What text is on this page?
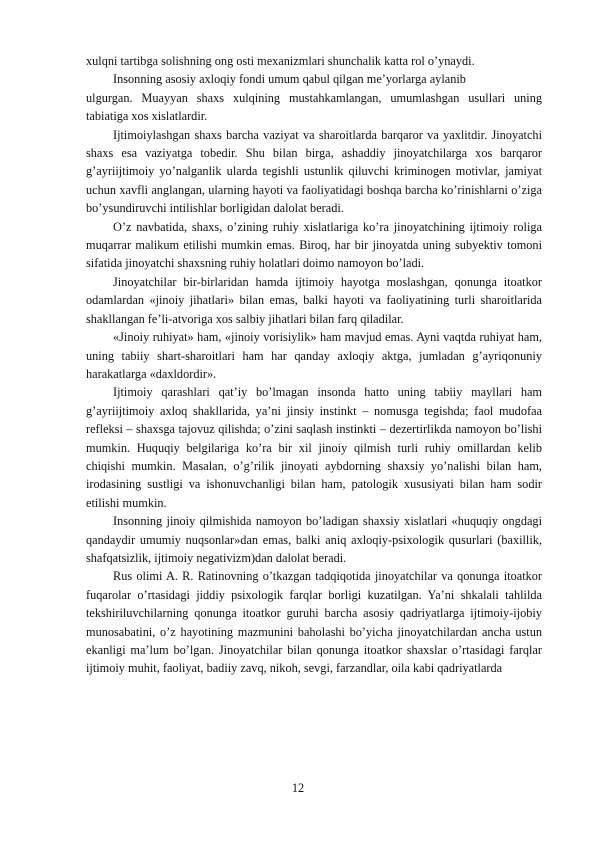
xulqni tartibga solishning ong osti mexanizmlari shunchalik katta rol o’ynaydi.

Insonning asosiy axloqiy fondi umum qabul qilgan me’yorlarga aylanib

ulgurgan. Muayyan shaxs xulqining mustahkamlangan, umumlashgan usullari uning tabiatiga xos xislatlardir.

Ijtimoiylashgan shaxs barcha vaziyat va sharoitlarda barqaror va yaxlitdir. Jinoyatchi shaxs esa vaziyatga tobedir. Shu bilan birga, ashaddiy jinoyatchilarga xos barqaror g’ayriijtimoiy yo’nalganlik ularda tegishli ustunlik qiluvchi kriminogen motivlar, jamiyat uchun xavfli anglangan, ularning hayoti va faoliyatidagi boshqa barcha ko’rinishlarni o’ziga bo’ysundiruvchi intilishlar borligidan dalolat beradi.

O’z navbatida, shaxs, o’zining ruhiy xislatlariga ko’ra jinoyatchining ijtimoiy roliga muqarrar malikum etilishi mumkin emas. Biroq, har bir jinoyatda uning subyektiv tomoni sifatida jinoyatchi shaxsning ruhiy holatlari doimo namoyon bo’ladi.

Jinoyatchilar bir-birlaridan hamda ijtimoiy hayotga moslashgan, qonunga itoatkor odamlardan «jinoiy jihatlari» bilan emas, balki hayoti va faoliyatining turli sharoitlarida shakllangan fe’li-atvoriga xos salbiy jihatlari bilan farq qiladilar.

«Jinoiy ruhiyat» ham, «jinoiy vorisiylik» ham mavjud emas. Ayni vaqtda ruhiyat ham, uning tabiiy shart-sharoitlari ham har qanday axloqiy aktga, jumladan g’ayriqonuniy harakatlarga «daxldordir».

Ijtimoiy qarashlari qat’iy bo’lmagan insonda hatto uning tabiiy mayllari ham g’ayriijtimoiy axloq shakllarida, ya’ni jinsiy instinkt – nomusga tegishda; faol mudofaa refleksi – shaxsga tajovuz qilishda; o’zini saqlash instinkti – dezertirlikda namoyon bo’lishi mumkin. Huquqiy belgilariga ko’ra bir xil jinoiy qilmish turli ruhiy omillardan kelib chiqishi mumkin. Masalan, o’g’rilik jinoyati aybdorning shaxsiy yo’nalishi bilan ham, irodasining sustligi va ishonuvchanligi bilan ham, patologik xususiyati bilan ham sodir etilishi mumkin.

Insonning jinoiy qilmishida namoyon bo’ladigan shaxsiy xislatlari «huquqiy ongdagi qandaydir umumiy nuqsonlar»dan emas, balki aniq axloqiy-psixologik qusurlari (baxillik, shafqatsizlik, ijtimoiy negativizm)dan dalolat beradi.

Rus olimi A. R. Ratinovning o’tkazgan tadqiqotida jinoyatchilar va qonunga itoatkor fuqarolar o’rtasidagi jiddiy psixologik farqlar borligi kuzatilgan. Ya’ni shkalali tahlilda tekshiriluvchilarning qonunga itoatkor guruhi barcha asosiy qadriyatlarga ijtimoiy-ijobiy munosabatini, o’z hayotining mazmunini baholashi bo’yicha jinoyatchilardan ancha ustun ekanligi ma’lum bo’lgan. Jinoyatchilar bilan qonunga itoatkor shaxslar o’rtasidagi farqlar ijtimoiy muhit, faoliyat, badiiy zavq, nikoh, sevgi, farzandlar, oila kabi qadriyatlarda

12
